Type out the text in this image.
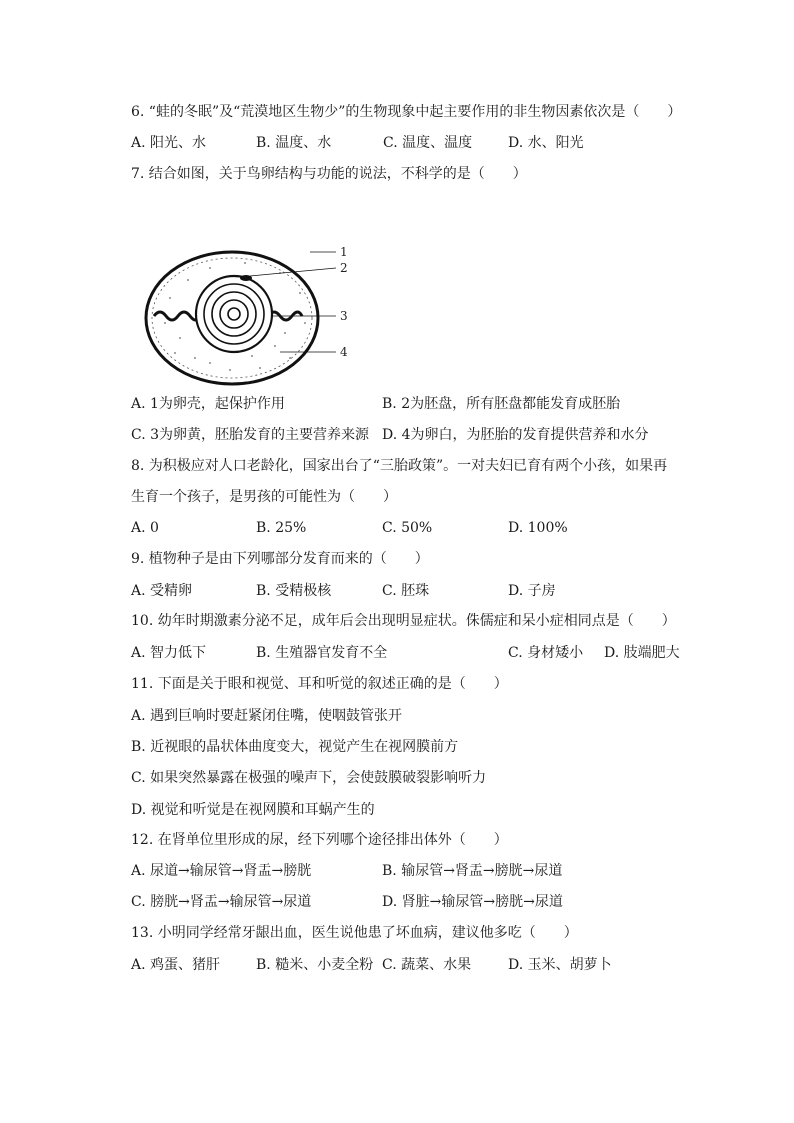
6. “蛙的冬眠”及“荒漠地区生物少”的生物现象中起主要作用的非生物因素依次是（　　）
A. 阳光、水	B. 温度、水	C. 温度、温度	D. 水、阳光
7. 结合如图，关于鸟卵结构与功能的说法，不科学的是（　　）
1
2
3
4
A. 1为卵壳，起保护作用	B. 2为胚盘，所有胚盘都能发育成胚胎
C. 3为卵黄，胚胎发育的主要营养来源 D. 4为卵白，为胚胎的发育提供营养和水分
8. 为积极应对人口老龄化，国家出台了“三胎政策”。一对夫妇已育有两个小孩，如果再
生育一个孩子，是男孩的可能性为（　　）
A. 0	B. 25%	C. 50%	D. 100%
9. 植物种子是由下列哪部分发育而来的（　　）
A. 受精卵	B. 受精极核	C. 胚珠	D. 子房
10. 幼年时期激素分泌不足，成年后会出现明显症状。侏儒症和呆小症相同点是（　　）
A. 智力低下	B. 生殖器官发育不全	C. 身材矮小 D. 肢端肥大
11. 下面是关于眼和视觉、耳和听觉的叙述正确的是（　　）
A. 遇到巨响时要赶紧闭住嘴，使咽鼓管张开
B. 近视眼的晶状体曲度变大，视觉产生在视网膜前方
C. 如果突然暴露在极强的噪声下，会使鼓膜破裂影响听力
D. 视觉和听觉是在视网膜和耳蜗产生的
12. 在肾单位里形成的尿，经下列哪个途径排出体外（　　）
A. 尿道→输尿管→肾盂→膀胱	B. 输尿管→肾盂→膀胱→尿道
C. 膀胱→肾盂→输尿管→尿道	D. 肾脏→输尿管→膀胱→尿道
13. 小明同学经常牙龈出血，医生说他患了坏血病，建议他多吃（　　）
A. 鸡蛋、猪肝	B. 糙米、小麦全粉 C. 蔬菜、水果	D. 玉米、胡萝卜
